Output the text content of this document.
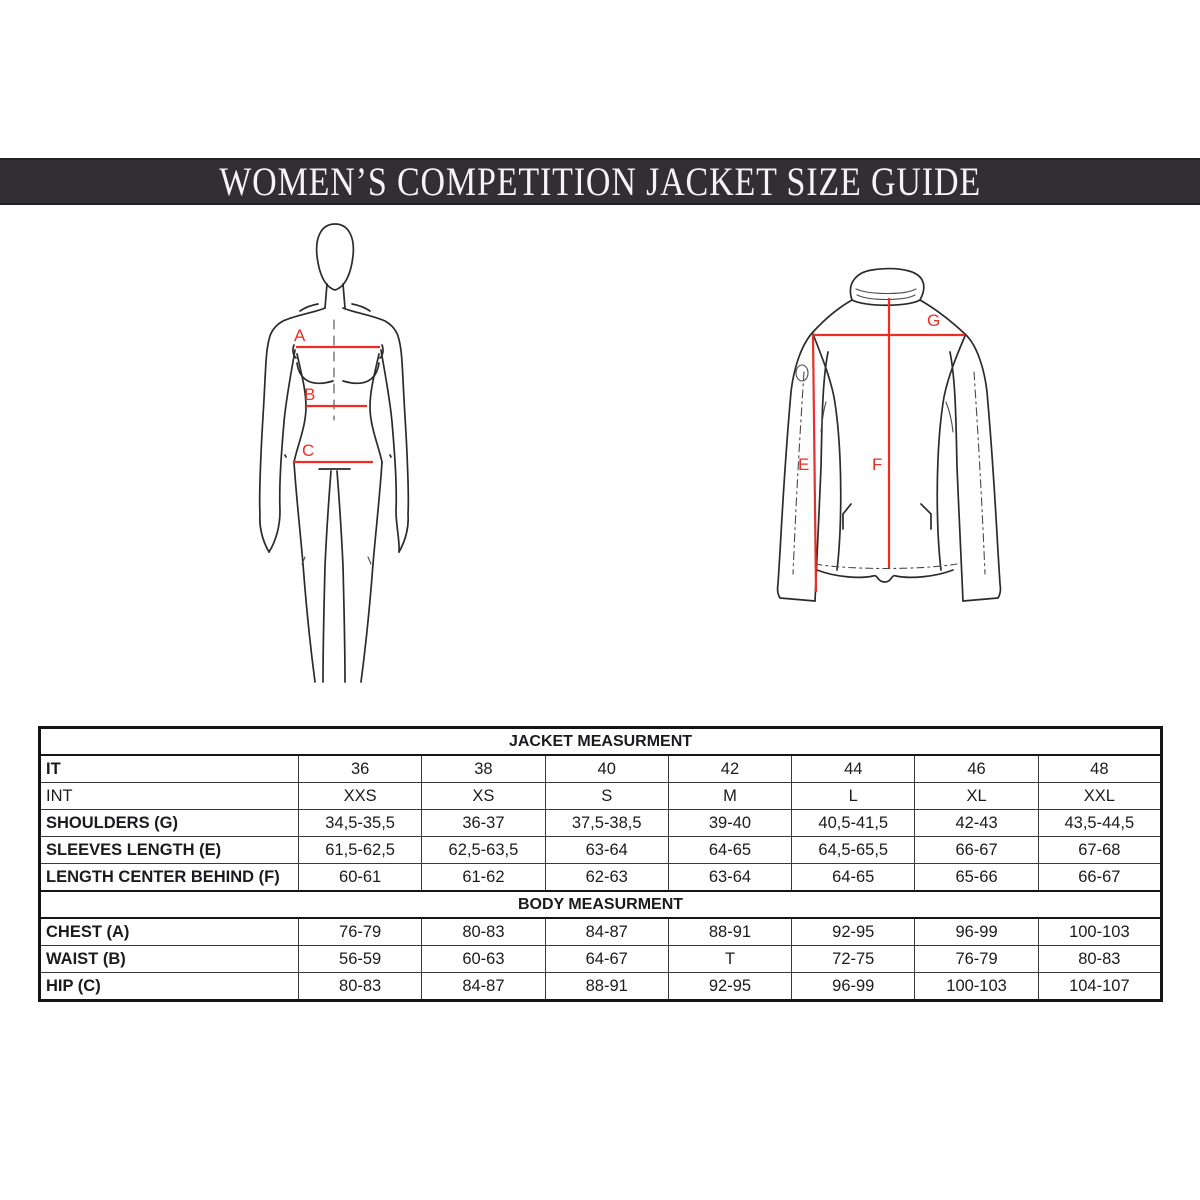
WOMEN’S COMPETITION JACKET SIZE GUIDE
A
B
C
G
F
E
JACKET MEASURMENT							
IT	36	38	40	42	44	46	48
INT	XXS	XS	S	M	L	XL	XXL
SHOULDERS (G)	34,5-35,5	36-37	37,5-38,5	39-40	40,5-41,5	42-43	43,5-44,5
SLEEVES LENGTH (E)	61,5-62,5	62,5-63,5	63-64	64-65	64,5-65,5	66-67	67-68
LENGTH CENTER BEHIND (F)	60-61	61-62	62-63	63-64	64-65	65-66	66-67
BODY MEASURMENT							
CHEST (A)	76-79	80-83	84-87	88-91	92-95	96-99	100-103
WAIST (B)	56-59	60-63	64-67	T	72-75	76-79	80-83
HIP (C)	80-83	84-87	88-91	92-95	96-99	100-103	104-107
